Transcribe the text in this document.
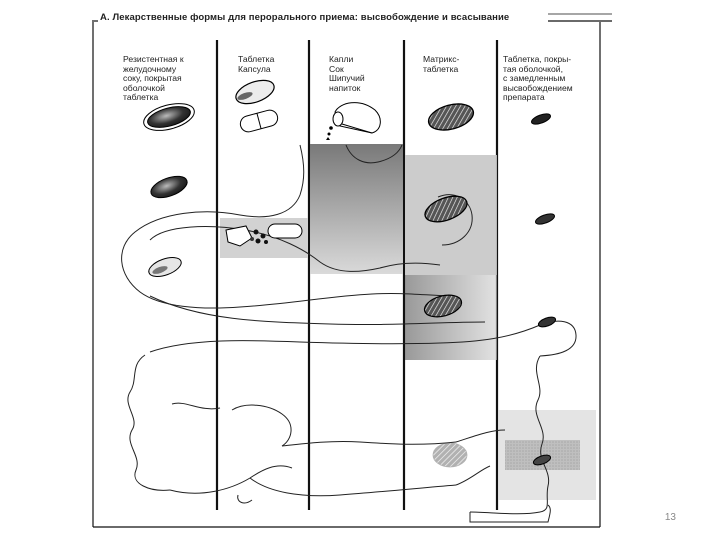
А. Лекарственные формы для перорального приема: высвобождение и всасывание
Резистентная к
желудочному
соку, покрытая
оболочкой
таблетка
Таблетка
Капсула
Капли
Сок
Шипучий
напиток
Матрикс-
таблетка
Таблетка, покры-
тая оболочкой,
с замедленным
высвобождением
препарата
13
